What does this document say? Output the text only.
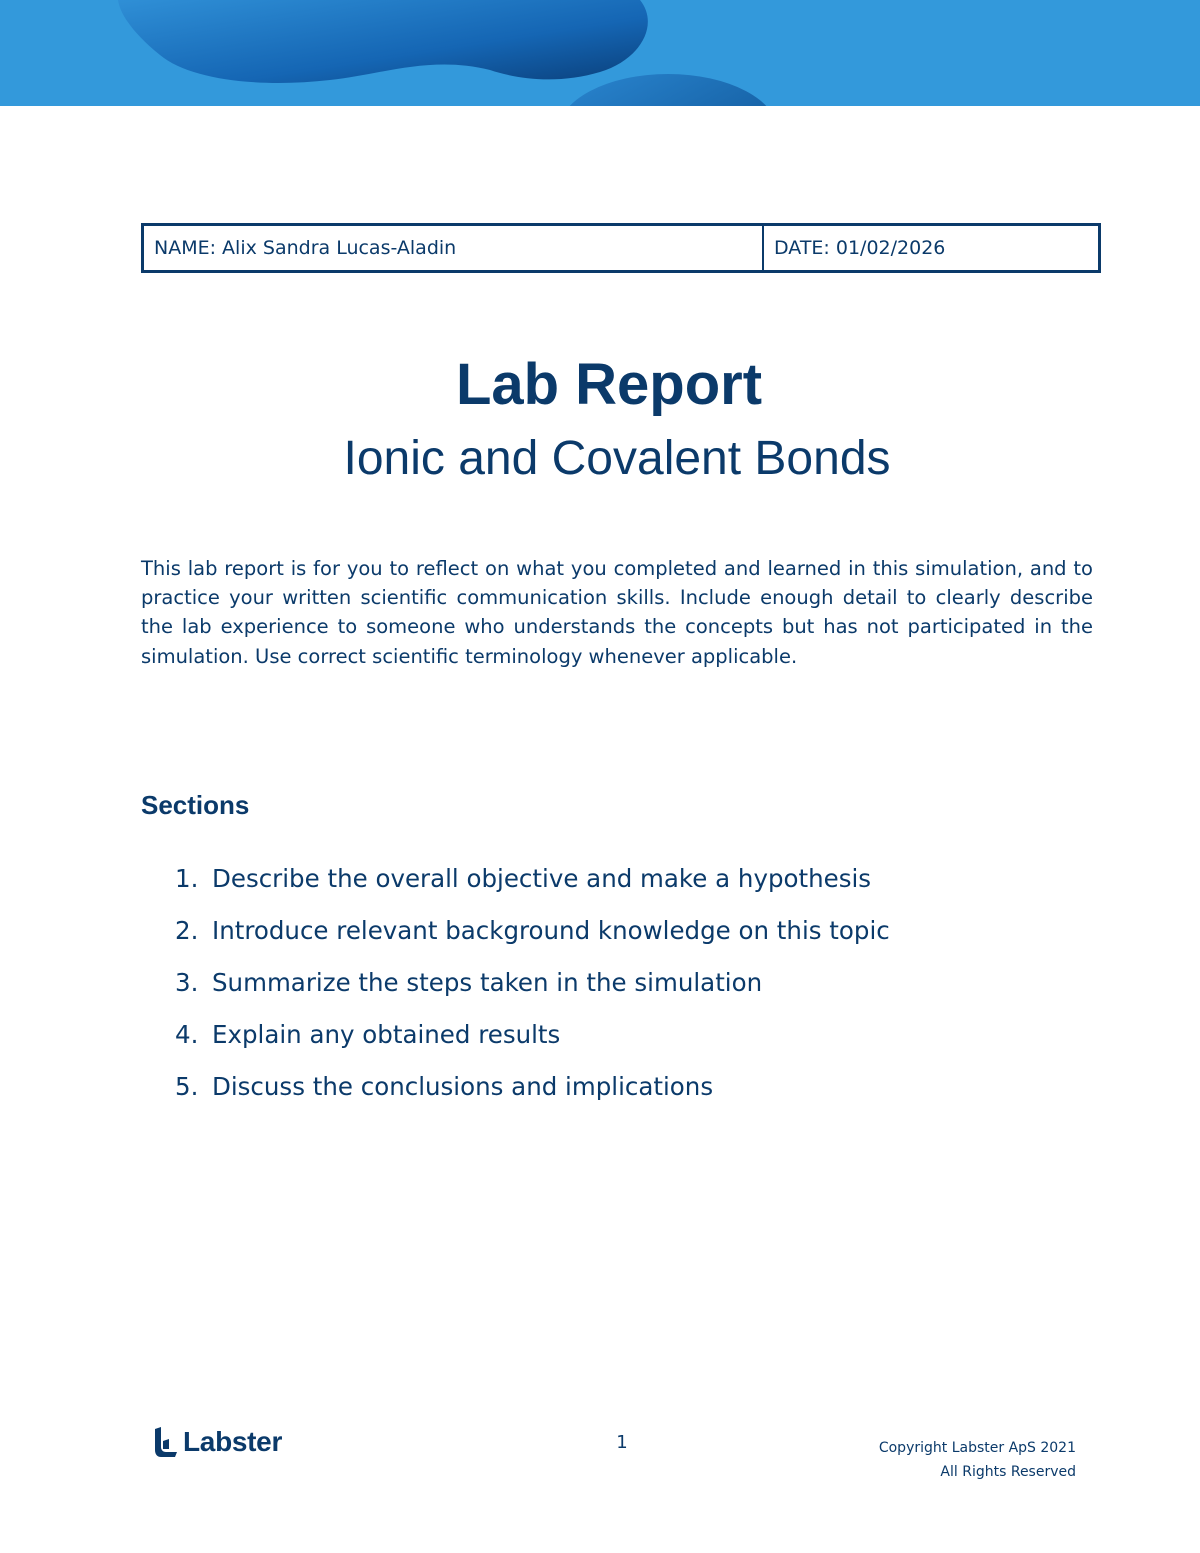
NAME: Alix Sandra Lucas-Aladin	DATE: 01/02/2026
Lab Report
Ionic and Covalent Bonds

This lab report is for you to reflect on what you completed and learned in this simulation, and to practice your written scientific communication skills. Include enough detail to clearly describe the lab experience to someone who understands the concepts but has not participated in the simulation. Use correct scientific terminology whenever applicable.

Sections
1. Describe the overall objective and make a hypothesis
2. Introduce relevant background knowledge on this topic
3. Summarize the steps taken in the simulation
4. Explain any obtained results
5. Discuss the conclusions and implications
Labster	1	Copyright Labster ApS 2021
All Rights Reserved
